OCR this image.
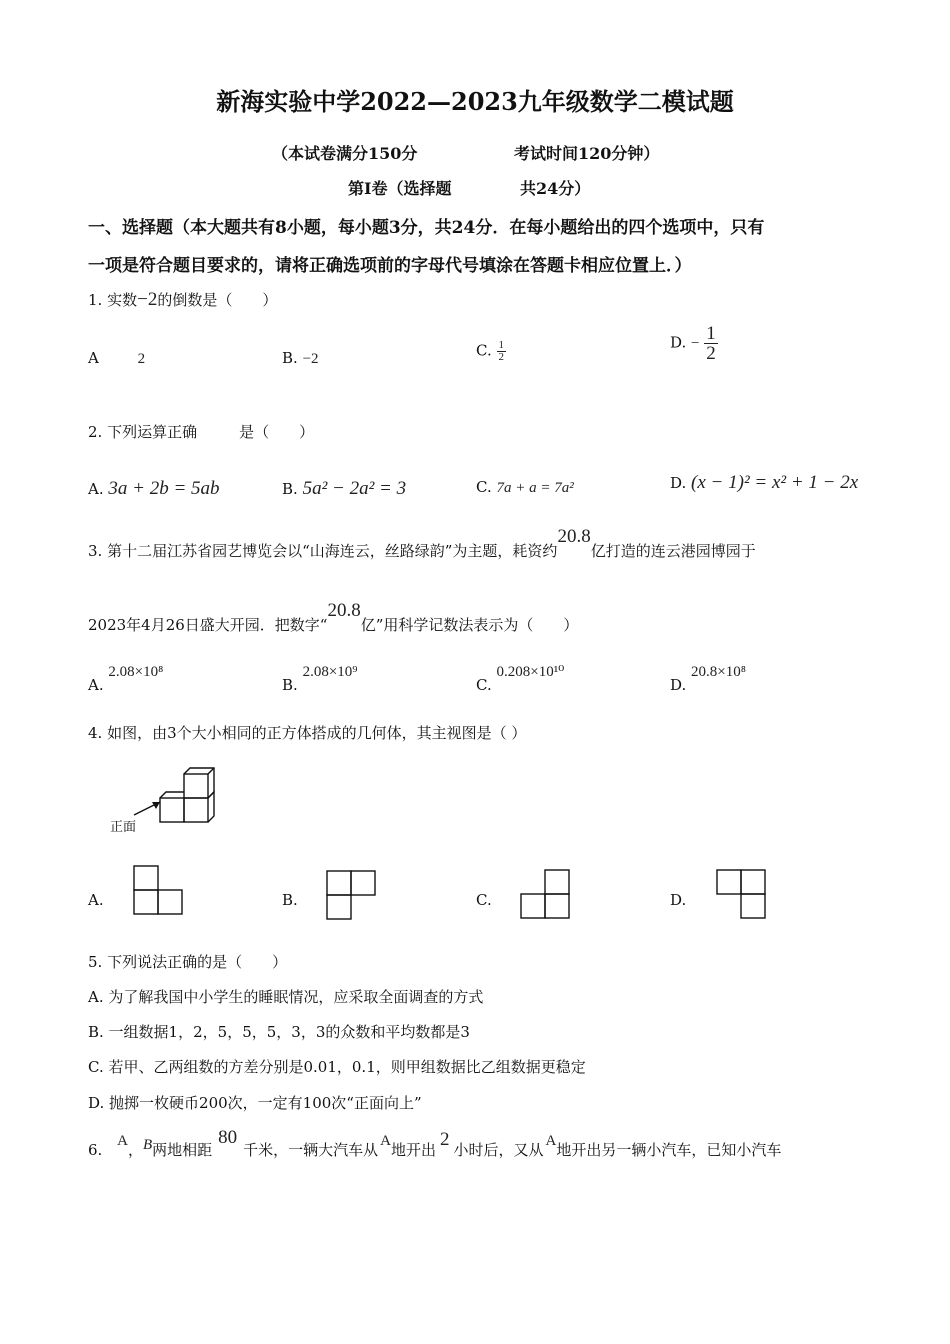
新海实验中学2022—2023九年级数学二模试题
（本试卷满分150分	考试时间120分钟）
第Ⅰ卷（选择题	共24分）
一、选择题（本大题共有8小题，每小题3分，共24分．在每小题给出的四个选项中，只有
一项是符合题目要求的，请将正确选项前的字母代号填涂在答题卡相应位置上．）
1. 实数−2的倒数是（　　）
A	2	B. −2	C. $\frac{1}{2}$	D. − $\frac{1}{2}$
2. 下列运算正确	是（　　）
A. 3a + 2b = 5ab	B. 5a² − 2a² = 3	C. 7a + a = 7a²	D. (x − 1)² = x² + 1 − 2x
3. 第十二届江苏省园艺博览会以“山海连云，丝路绿韵”为主题，耗资约20.8亿打造的连云港园博园于
2023年4月26日盛大开园．把数字“20.8亿”用科学记数法表示为（　　）
A. 2.08×10⁸
B. 2.08×10⁹
C. 0.208×10¹⁰
D. 20.8×10⁸
4. 如图，由3个大小相同的正方体搭成的几何体，其主视图是（ ）
正面
A.	B.	C.	D.
5. 下列说法正确的是（　　）
A. 为了解我国中小学生的睡眠情况，应采取全面调查的方式
B. 一组数据1，2，5，5，5，3，3的众数和平均数都是3
C. 若甲、乙两组数的方差分别是0.01，0.1，则甲组数据比乙组数据更稳定
D. 抛掷一枚硬币200次，一定有100次“正面向上”
6. A，B两地相距80千米，一辆大汽车从 A地开出 2 小时后，又从 A地开出另一辆小汽车，已知小汽车
